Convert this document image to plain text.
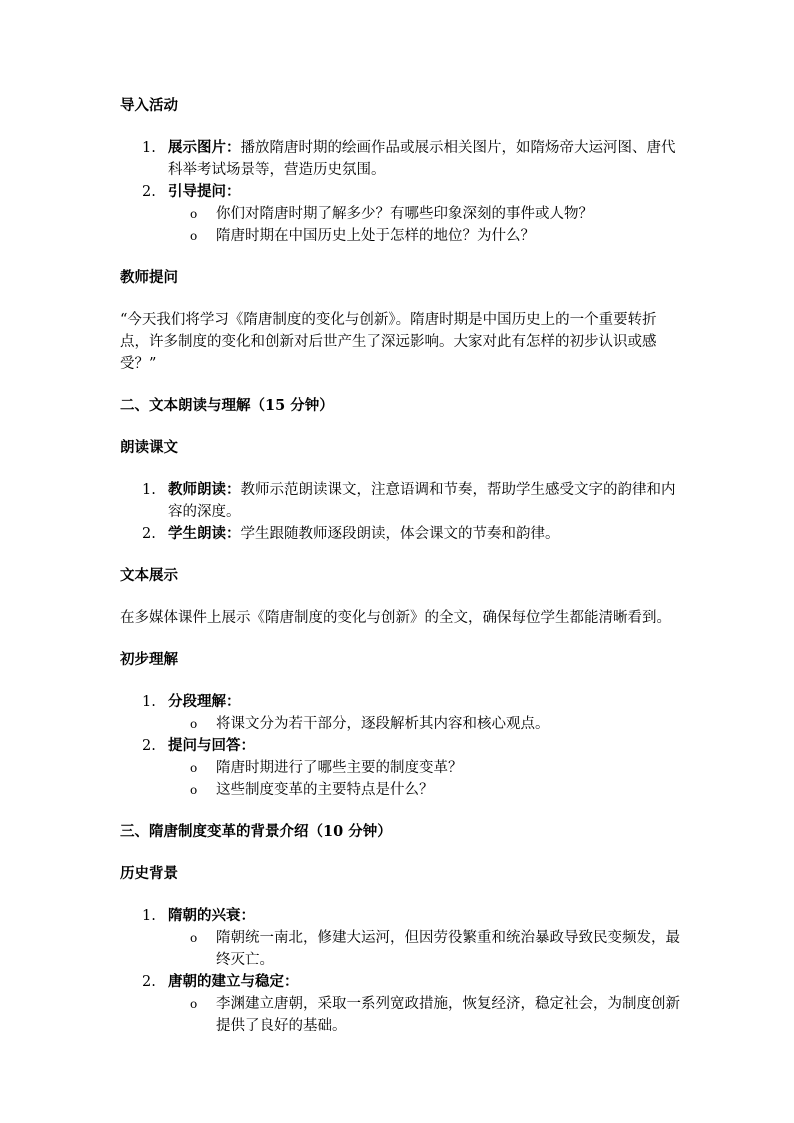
导入活动

1. 展示图片：播放隋唐时期的绘画作品或展示相关图片，如隋炀帝大运河图、唐代科举考试场景等，营造历史氛围。
2. 引导提问：
o 你们对隋唐时期了解多少？有哪些印象深刻的事件或人物？
o 隋唐时期在中国历史上处于怎样的地位？为什么？

教师提问

“今天我们将学习《隋唐制度的变化与创新》。隋唐时期是中国历史上的一个重要转折点，许多制度的变化和创新对后世产生了深远影响。大家对此有怎样的初步认识或感受？”

二、文本朗读与理解（15 分钟）

朗读课文

1. 教师朗读：教师示范朗读课文，注意语调和节奏，帮助学生感受文字的韵律和内容的深度。
2. 学生朗读：学生跟随教师逐段朗读，体会课文的节奏和韵律。

文本展示

在多媒体课件上展示《隋唐制度的变化与创新》的全文，确保每位学生都能清晰看到。

初步理解

1. 分段理解：
o 将课文分为若干部分，逐段解析其内容和核心观点。
2. 提问与回答：
o 隋唐时期进行了哪些主要的制度变革？
o 这些制度变革的主要特点是什么？

三、隋唐制度变革的背景介绍（10 分钟）

历史背景

1. 隋朝的兴衰：
o 隋朝统一南北，修建大运河，但因劳役繁重和统治暴政导致民变频发，最终灭亡。
2. 唐朝的建立与稳定：
o 李渊建立唐朝，采取一系列宽政措施，恢复经济，稳定社会，为制度创新提供了良好的基础。
